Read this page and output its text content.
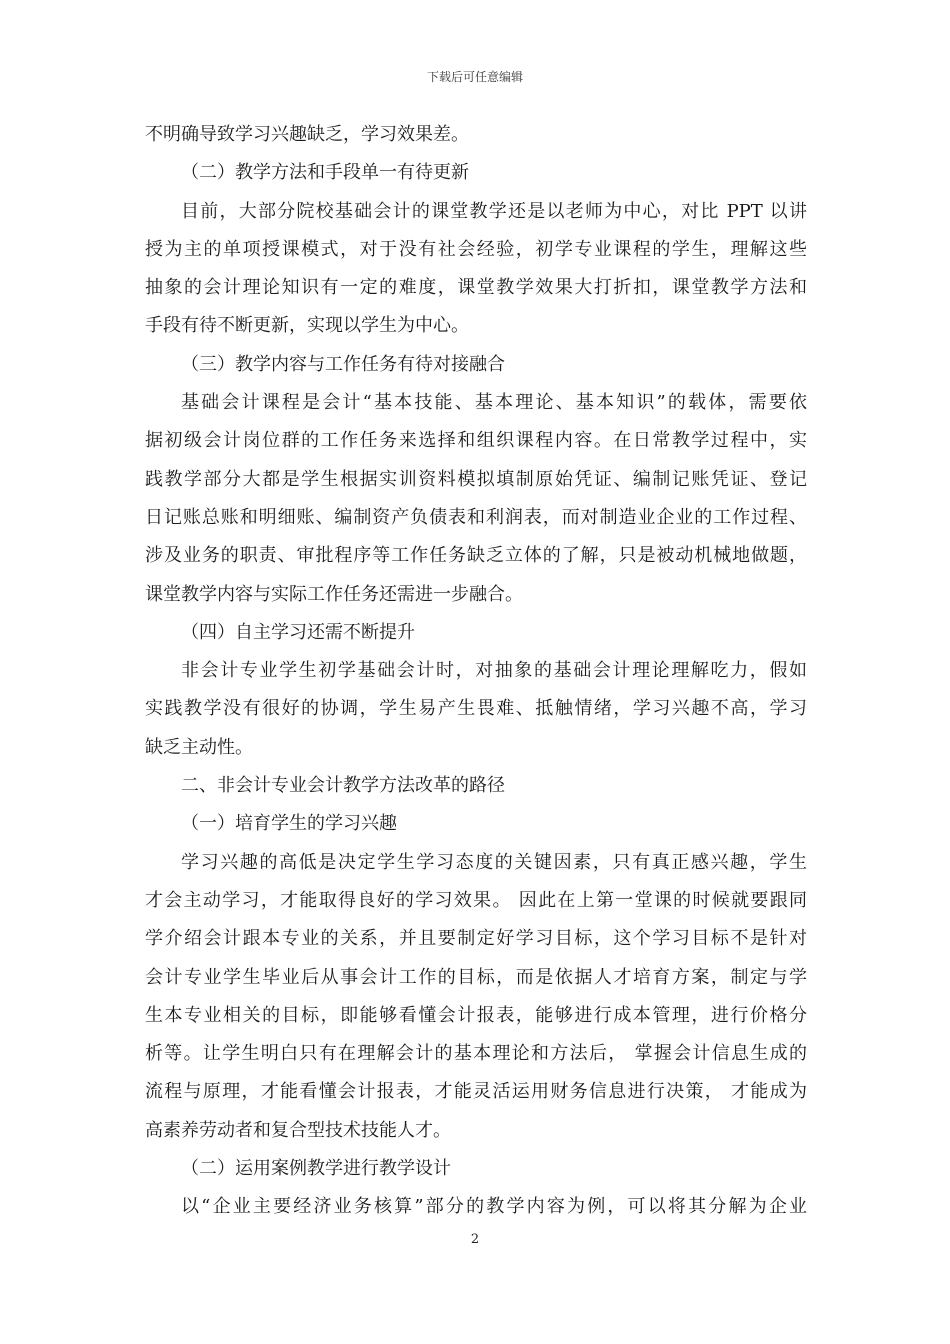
下载后可任意编辑
不明确导致学习兴趣缺乏，学习效果差。
（二）教学方法和手段单一有待更新
目前，大部分院校基础会计的课堂教学还是以老师为中心，对比 PPT 以讲
授为主的单项授课模式，对于没有社会经验，初学专业课程的学生，理解这些
抽象的会计理论知识有一定的难度，课堂教学效果大打折扣，课堂教学方法和
手段有待不断更新，实现以学生为中心。
（三）教学内容与工作任务有待对接融合
基础会计课程是会计“基本技能、基本理论、基本知识”的载体，需要依
据初级会计岗位群的工作任务来选择和组织课程内容。在日常教学过程中，实
践教学部分大都是学生根据实训资料模拟填制原始凭证、编制记账凭证、登记
日记账总账和明细账、编制资产负债表和利润表，而对制造业企业的工作过程、
涉及业务的职责、审批程序等工作任务缺乏立体的了解，只是被动机械地做题，
课堂教学内容与实际工作任务还需进一步融合。
（四）自主学习还需不断提升
非会计专业学生初学基础会计时，对抽象的基础会计理论理解吃力，假如
实践教学没有很好的协调，学生易产生畏难、抵触情绪，学习兴趣不高，学习
缺乏主动性。
二、非会计专业会计教学方法改革的路径
（一）培育学生的学习兴趣
学习兴趣的高低是决定学生学习态度的关键因素，只有真正感兴趣，学生
才会主动学习，才能取得良好的学习效果。 因此在上第一堂课的时候就要跟同
学介绍会计跟本专业的关系，并且要制定好学习目标，这个学习目标不是针对
会计专业学生毕业后从事会计工作的目标，而是依据人才培育方案，制定与学
生本专业相关的目标，即能够看懂会计报表，能够进行成本管理，进行价格分
析等。让学生明白只有在理解会计的基本理论和方法后， 掌握会计信息生成的
流程与原理，才能看懂会计报表，才能灵活运用财务信息进行决策， 才能成为
高素养劳动者和复合型技术技能人才。
（二）运用案例教学进行教学设计
以“企业主要经济业务核算”部分的教学内容为例，可以将其分解为企业
2
